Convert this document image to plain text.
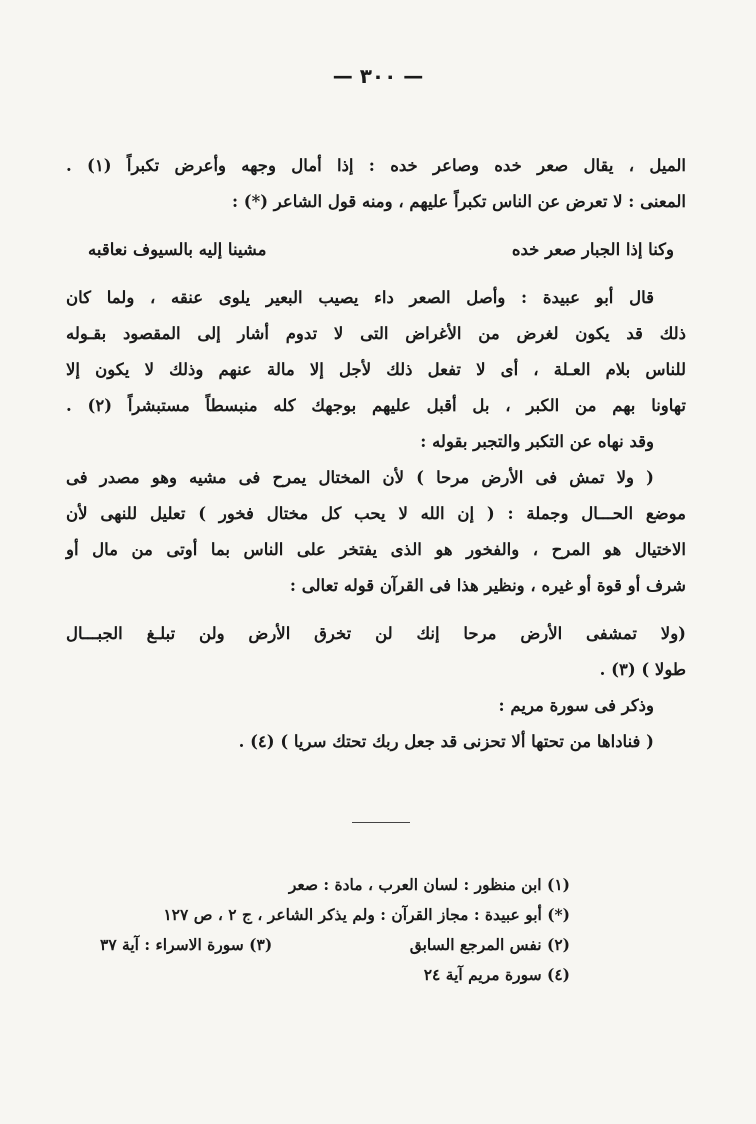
— ٣٠٠ —
الميل ، يقال صعر خده وصاعر خده : إذا أمال وجهه وأعرض تكبراً (١) .
المعنى : لا تعرض عن الناس تكبراً عليهم ، ومنه قول الشاعر (*) :
وكنا إذا الجبار صعر خده
مشينا إليه بالسيوف نعاقبه
قال أبو عبيدة : وأصل الصعر داء يصيب البعير يلوى عنقه ، ولما كان
ذلك قد يكون لغرض من الأغراض التى لا تدوم أشار إلى المقصود بقـوله
للناس بلام العـلة ، أى لا تفعل ذلك لأجل إلا مالة عنهم وذلك لا يكون إلا
تهاونا بهم من الكبر ، بل أقبل عليهم بوجهك كله منبسطاً مستبشراً (٢) .
وقد نهاه عن التكبر والتجبر بقوله :
( ولا تمش فى الأرض مرحا ) لأن المختال يمرح فى مشيه وهو مصدر فى
موضع الحـــال وجملة : ( إن الله لا يحب كل مختال فخور ) تعليل للنهى لأن
الاختيال هو المرح ، والفخور هو الذى يفتخر على الناس بما أوتى من مال أو
شرف أو قوة أو غيره ، ونظير هذا فى القرآن قوله تعالى :
(ولا تمشفى الأرض مرحا إنك لن تخرق الأرض ولن تبلـغ الجبـــال
طولا ) (٣) .
وذكر فى سورة مريم :
( فناداها من تحتها ألا تحزنى قد جعل ربك تحتك سريا ) (٤) .
(١) ابن منظور : لسان العرب ، مادة : صعر
(*) أبو عبيدة : مجاز القرآن : ولم يذكر الشاعر ، ج ٢ ، ص ١٢٧
(٢) نفس المرجع السابق
(٣) سورة الاسراء : آية ٣٧
(٤) سورة مريم آية ٢٤
